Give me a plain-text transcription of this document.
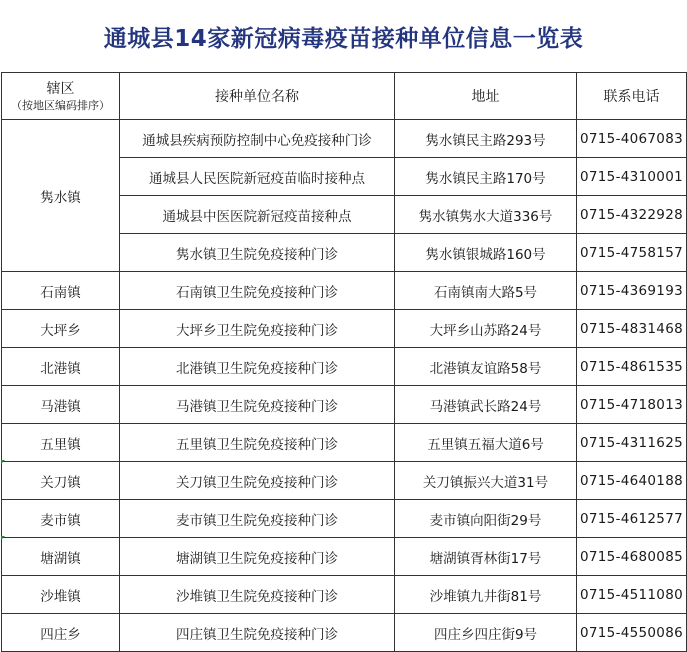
通城县14家新冠病毒疫苗接种单位信息一览表
辖区
（按地区编码排序）	接种单位名称	地址	联系电话
隽水镇	通城县疾病预防控制中心免疫接种门诊	隽水镇民主路293号	0715-4067083
	通城县人民医院新冠疫苗临时接种点	隽水镇民主路170号	0715-4310001
	通城县中医医院新冠疫苗接种点	隽水镇隽水大道336号	0715-4322928
	隽水镇卫生院免疫接种门诊	隽水镇银城路160号	0715-4758157
石南镇	石南镇卫生院免疫接种门诊	石南镇南大路5号	0715-4369193
大坪乡	大坪乡卫生院免疫接种门诊	大坪乡山苏路24号	0715-4831468
北港镇	北港镇卫生院免疫接种门诊	北港镇友谊路58号	0715-4861535
马港镇	马港镇卫生院免疫接种门诊	马港镇武长路24号	0715-4718013
五里镇	五里镇卫生院免疫接种门诊	五里镇五福大道6号	0715-4311625
关刀镇	关刀镇卫生院免疫接种门诊	关刀镇振兴大道31号	0715-4640188
麦市镇	麦市镇卫生院免疫接种门诊	麦市镇向阳街29号	0715-4612577
塘湖镇	塘湖镇卫生院免疫接种门诊	塘湖镇胥林街17号	0715-4680085
沙堆镇	沙堆镇卫生院免疫接种门诊	沙堆镇九井街81号	0715-4511080
四庄乡	四庄镇卫生院免疫接种门诊	四庄乡四庄街9号	0715-4550086
